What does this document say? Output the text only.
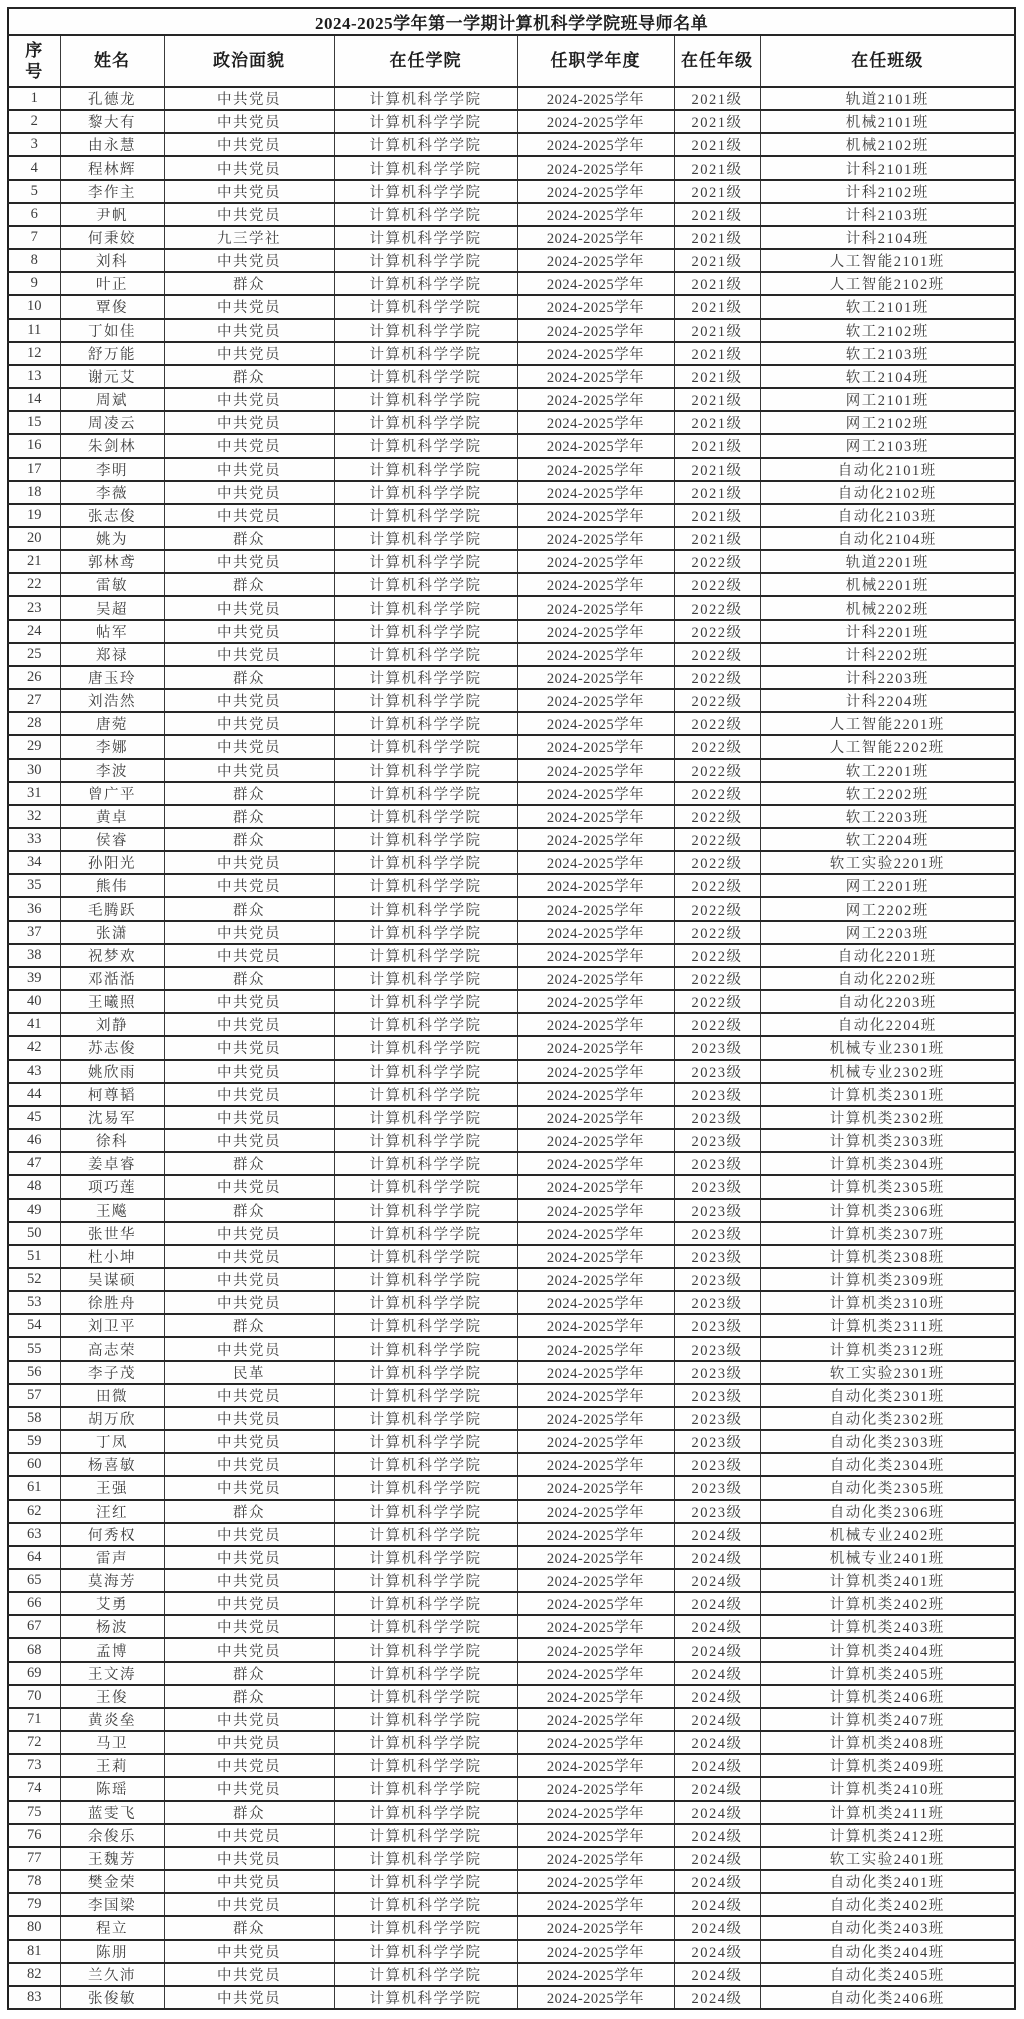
2024-2025学年第一学期计算机科学学院班导师名单						
序号	姓名	政治面貌	在任学院	任职学年度	在任年级	在任班级
1	孔德龙	中共党员	计算机科学学院	2024-2025学年	2021级	轨道2101班
2	黎大有	中共党员	计算机科学学院	2024-2025学年	2021级	机械2101班
3	由永慧	中共党员	计算机科学学院	2024-2025学年	2021级	机械2102班
4	程林辉	中共党员	计算机科学学院	2024-2025学年	2021级	计科2101班
5	李作主	中共党员	计算机科学学院	2024-2025学年	2021级	计科2102班
6	尹帆	中共党员	计算机科学学院	2024-2025学年	2021级	计科2103班
7	何秉姣	九三学社	计算机科学学院	2024-2025学年	2021级	计科2104班
8	刘科	中共党员	计算机科学学院	2024-2025学年	2021级	人工智能2101班
9	叶正	群众	计算机科学学院	2024-2025学年	2021级	人工智能2102班
10	覃俊	中共党员	计算机科学学院	2024-2025学年	2021级	软工2101班
11	丁如佳	中共党员	计算机科学学院	2024-2025学年	2021级	软工2102班
12	舒万能	中共党员	计算机科学学院	2024-2025学年	2021级	软工2103班
13	谢元艾	群众	计算机科学学院	2024-2025学年	2021级	软工2104班
14	周斌	中共党员	计算机科学学院	2024-2025学年	2021级	网工2101班
15	周凌云	中共党员	计算机科学学院	2024-2025学年	2021级	网工2102班
16	朱剑林	中共党员	计算机科学学院	2024-2025学年	2021级	网工2103班
17	李明	中共党员	计算机科学学院	2024-2025学年	2021级	自动化2101班
18	李薇	中共党员	计算机科学学院	2024-2025学年	2021级	自动化2102班
19	张志俊	中共党员	计算机科学学院	2024-2025学年	2021级	自动化2103班
20	姚为	群众	计算机科学学院	2024-2025学年	2021级	自动化2104班
21	郭林鸢	中共党员	计算机科学学院	2024-2025学年	2022级	轨道2201班
22	雷敏	群众	计算机科学学院	2024-2025学年	2022级	机械2201班
23	吴超	中共党员	计算机科学学院	2024-2025学年	2022级	机械2202班
24	帖军	中共党员	计算机科学学院	2024-2025学年	2022级	计科2201班
25	郑禄	中共党员	计算机科学学院	2024-2025学年	2022级	计科2202班
26	唐玉玲	群众	计算机科学学院	2024-2025学年	2022级	计科2203班
27	刘浩然	中共党员	计算机科学学院	2024-2025学年	2022级	计科2204班
28	唐菀	中共党员	计算机科学学院	2024-2025学年	2022级	人工智能2201班
29	李娜	中共党员	计算机科学学院	2024-2025学年	2022级	人工智能2202班
30	李波	中共党员	计算机科学学院	2024-2025学年	2022级	软工2201班
31	曾广平	群众	计算机科学学院	2024-2025学年	2022级	软工2202班
32	黄卓	群众	计算机科学学院	2024-2025学年	2022级	软工2203班
33	侯睿	群众	计算机科学学院	2024-2025学年	2022级	软工2204班
34	孙阳光	中共党员	计算机科学学院	2024-2025学年	2022级	软工实验2201班
35	熊伟	中共党员	计算机科学学院	2024-2025学年	2022级	网工2201班
36	毛腾跃	群众	计算机科学学院	2024-2025学年	2022级	网工2202班
37	张潇	中共党员	计算机科学学院	2024-2025学年	2022级	网工2203班
38	祝梦欢	中共党员	计算机科学学院	2024-2025学年	2022级	自动化2201班
39	邓湉湉	群众	计算机科学学院	2024-2025学年	2022级	自动化2202班
40	王曦照	中共党员	计算机科学学院	2024-2025学年	2022级	自动化2203班
41	刘静	中共党员	计算机科学学院	2024-2025学年	2022级	自动化2204班
42	苏志俊	中共党员	计算机科学学院	2024-2025学年	2023级	机械专业2301班
43	姚欣雨	中共党员	计算机科学学院	2024-2025学年	2023级	机械专业2302班
44	柯尊韬	中共党员	计算机科学学院	2024-2025学年	2023级	计算机类2301班
45	沈易军	中共党员	计算机科学学院	2024-2025学年	2023级	计算机类2302班
46	徐科	中共党员	计算机科学学院	2024-2025学年	2023级	计算机类2303班
47	姜卓睿	群众	计算机科学学院	2024-2025学年	2023级	计算机类2304班
48	项巧莲	中共党员	计算机科学学院	2024-2025学年	2023级	计算机类2305班
49	王飚	群众	计算机科学学院	2024-2025学年	2023级	计算机类2306班
50	张世华	中共党员	计算机科学学院	2024-2025学年	2023级	计算机类2307班
51	杜小坤	中共党员	计算机科学学院	2024-2025学年	2023级	计算机类2308班
52	吴谋硕	中共党员	计算机科学学院	2024-2025学年	2023级	计算机类2309班
53	徐胜舟	中共党员	计算机科学学院	2024-2025学年	2023级	计算机类2310班
54	刘卫平	群众	计算机科学学院	2024-2025学年	2023级	计算机类2311班
55	高志荣	中共党员	计算机科学学院	2024-2025学年	2023级	计算机类2312班
56	李子茂	民革	计算机科学学院	2024-2025学年	2023级	软工实验2301班
57	田微	中共党员	计算机科学学院	2024-2025学年	2023级	自动化类2301班
58	胡万欣	中共党员	计算机科学学院	2024-2025学年	2023级	自动化类2302班
59	丁凤	中共党员	计算机科学学院	2024-2025学年	2023级	自动化类2303班
60	杨喜敏	中共党员	计算机科学学院	2024-2025学年	2023级	自动化类2304班
61	王强	中共党员	计算机科学学院	2024-2025学年	2023级	自动化类2305班
62	汪红	群众	计算机科学学院	2024-2025学年	2023级	自动化类2306班
63	何秀权	中共党员	计算机科学学院	2024-2025学年	2024级	机械专业2402班
64	雷声	中共党员	计算机科学学院	2024-2025学年	2024级	机械专业2401班
65	莫海芳	中共党员	计算机科学学院	2024-2025学年	2024级	计算机类2401班
66	艾勇	中共党员	计算机科学学院	2024-2025学年	2024级	计算机类2402班
67	杨波	中共党员	计算机科学学院	2024-2025学年	2024级	计算机类2403班
68	孟博	中共党员	计算机科学学院	2024-2025学年	2024级	计算机类2404班
69	王文涛	群众	计算机科学学院	2024-2025学年	2024级	计算机类2405班
70	王俊	群众	计算机科学学院	2024-2025学年	2024级	计算机类2406班
71	黄炎垒	中共党员	计算机科学学院	2024-2025学年	2024级	计算机类2407班
72	马卫	中共党员	计算机科学学院	2024-2025学年	2024级	计算机类2408班
73	王莉	中共党员	计算机科学学院	2024-2025学年	2024级	计算机类2409班
74	陈瑶	中共党员	计算机科学学院	2024-2025学年	2024级	计算机类2410班
75	蓝雯飞	群众	计算机科学学院	2024-2025学年	2024级	计算机类2411班
76	余俊乐	中共党员	计算机科学学院	2024-2025学年	2024级	计算机类2412班
77	王魏芳	中共党员	计算机科学学院	2024-2025学年	2024级	软工实验2401班
78	樊金荣	中共党员	计算机科学学院	2024-2025学年	2024级	自动化类2401班
79	李国梁	中共党员	计算机科学学院	2024-2025学年	2024级	自动化类2402班
80	程立	群众	计算机科学学院	2024-2025学年	2024级	自动化类2403班
81	陈朋	中共党员	计算机科学学院	2024-2025学年	2024级	自动化类2404班
82	兰久沛	中共党员	计算机科学学院	2024-2025学年	2024级	自动化类2405班
83	张俊敏	中共党员	计算机科学学院	2024-2025学年	2024级	自动化类2406班
